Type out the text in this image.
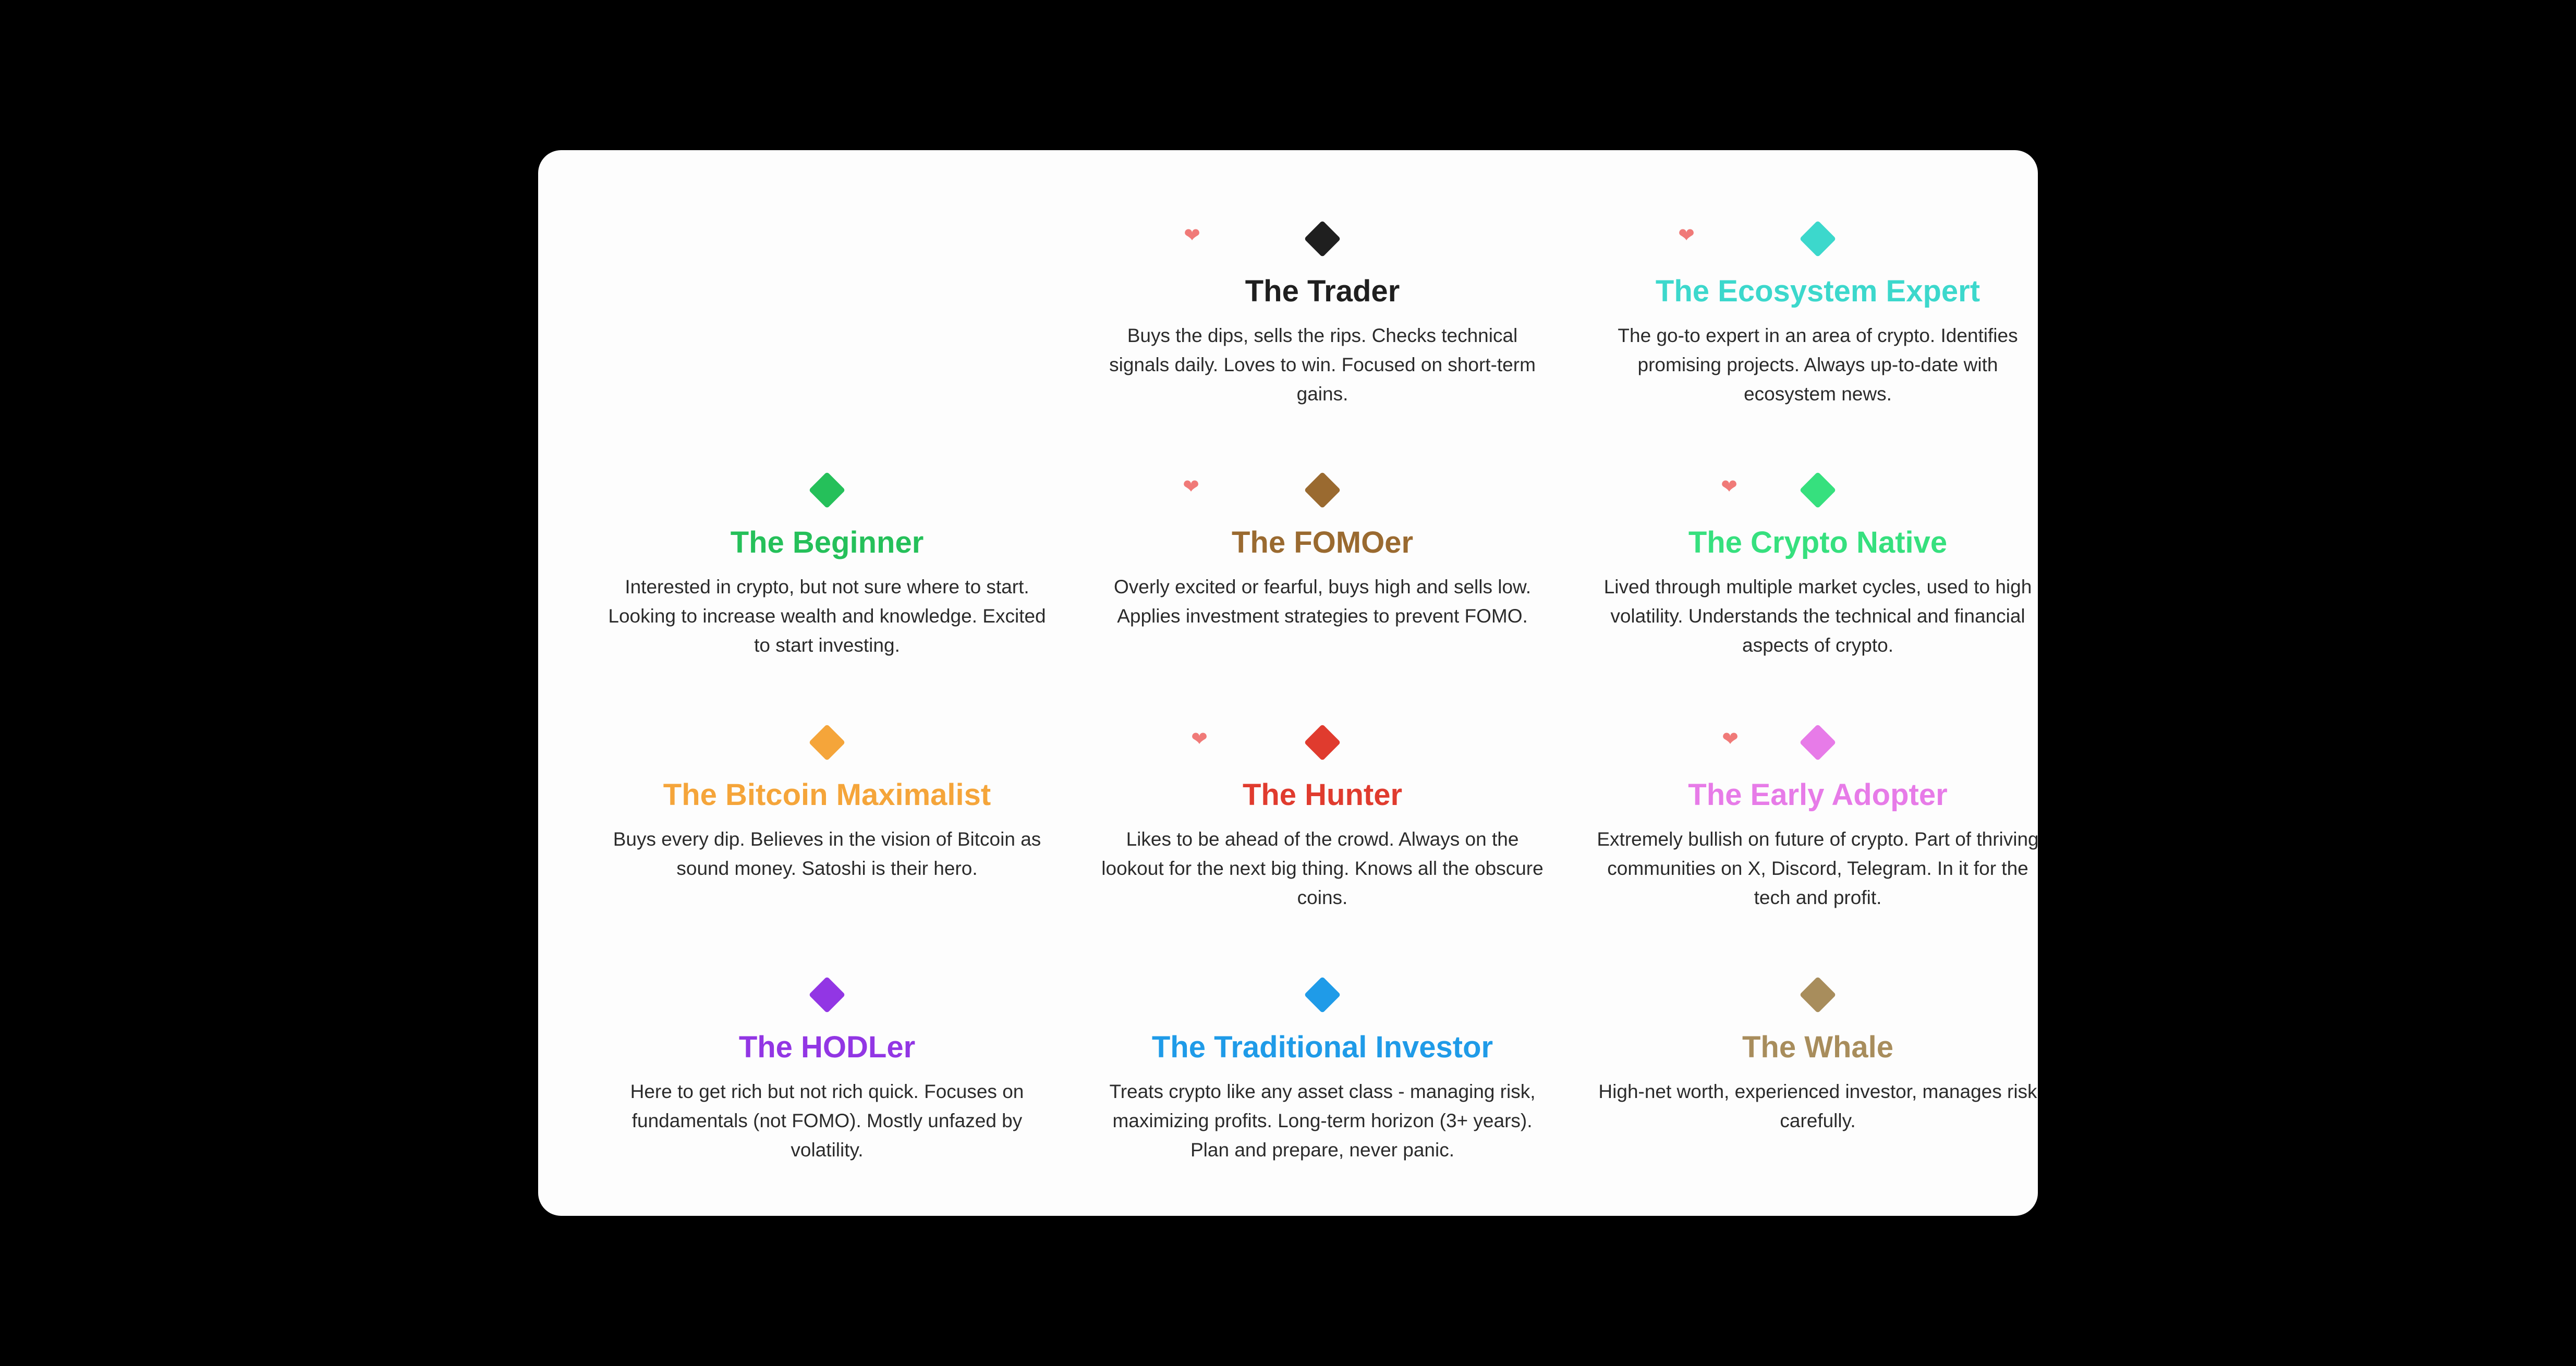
❤
The Trader
Buys the dips, sells the rips. Checks technical signals daily. Loves to win. Focused on short-term gains.
❤
The Ecosystem Expert
The go-to expert in an area of crypto. Identifies promising projects. Always up-to-date with ecosystem news.
The Beginner
Interested in crypto, but not sure where to start. Looking to increase wealth and knowledge. Excited to start investing.
❤
The FOMOer
Overly excited or fearful, buys high and sells low. Applies investment strategies to prevent FOMO.
❤
The Crypto Native
Lived through multiple market cycles, used to high volatility. Understands the technical and financial aspects of crypto.
The Bitcoin Maximalist
Buys every dip. Believes in the vision of Bitcoin as sound money. Satoshi is their hero.
❤
The Hunter
Likes to be ahead of the crowd. Always on the lookout for the next big thing. Knows all the obscure coins.
❤
The Early Adopter
Extremely bullish on future of crypto. Part of thriving communities on X, Discord, Telegram. In it for the tech and profit.
The HODLer
Here to get rich but not rich quick. Focuses on fundamentals (not FOMO). Mostly unfazed by volatility.
The Traditional Investor
Treats crypto like any asset class - managing risk, maximizing profits. Long-term horizon (3+ years). Plan and prepare, never panic.
The Whale
High-net worth, experienced investor, manages risk carefully.
